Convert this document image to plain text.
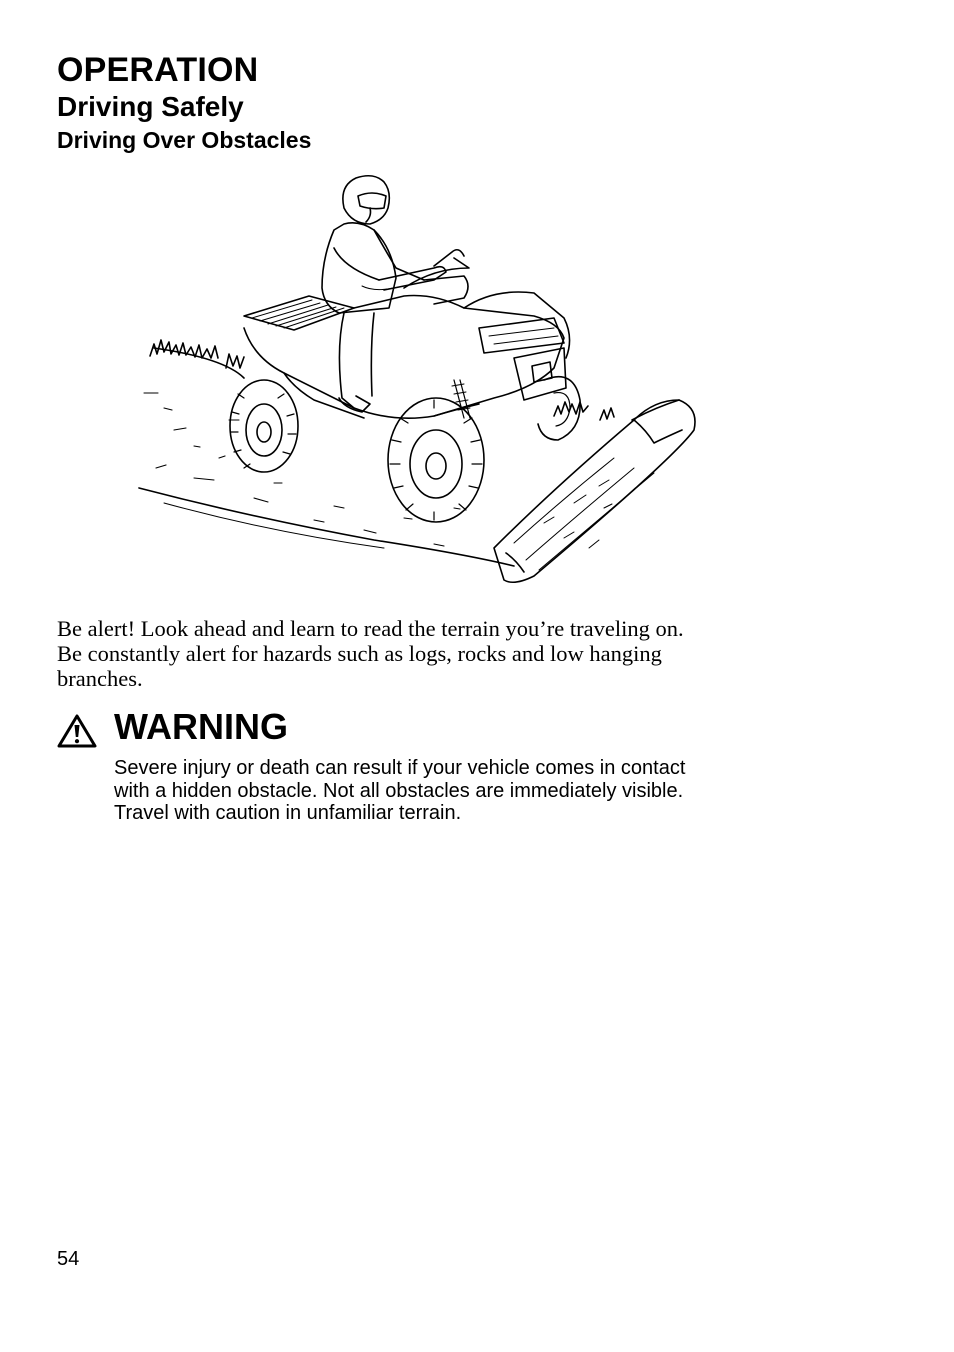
OPERATION
Driving Safely
Driving Over Obstacles
Be alert! Look ahead and learn to read the terrain you’re traveling on.
Be constantly alert for hazards such as logs, rocks and low hanging
branches.
WARNING
Severe injury or death can result if your vehicle comes in contact
with a hidden obstacle. Not all obstacles are immediately visible.
Travel with caution in unfamiliar terrain.
54
